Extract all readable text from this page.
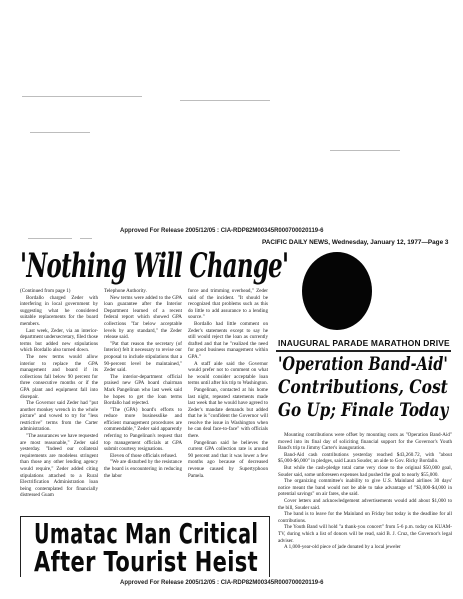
Approved For Release 2005/12/05 : CIA-RDP82M00345R000700020119-6
PACIFIC DAILY NEWS, Wednesday, January 12, 1977—Page 3
'Nothing Will Change'

(Continued from page 1)

Bordallo charged Zeder with interfering in local government by suggesting what he considered suitable replacements for the board members.

Last week, Zeder, via an interior-department undersecretary, filed those terms but added new stipulations which Bordallo also turned down.

The new terms would allow interior to replace the GPA management and board if its collections fall below 90 percent for three consecutive months or if the GPA plant and equipment fall into disrepair.

The Governor said Zeder had "put another monkey wrench in the whole picture" and vowed to try for "less restrictive" terms from the Carter administration.

"The assurances we have requested are most reasonable," Zeder said yesterday. "Indeed our collateral requirements are modeless stringent than those any other lending agency would require," Zeder added citing stipulations attached to a Rural Electrification Administration loan being contemplated for financially distressed Guam

Telephone Authority.

New terms were added to the GPA loan guarantee after the Interior Department learned of a recent federal report which showed GPA collections "far below acceptable levels by any standard," the Zeder release said.

"Pat that reason the secretary (of Interior) felt it necessary to revise our proposal to include stipulations that a 90-percent level be maintained," Zeder said.

The interior-department official praised new GPA board chairman Mark Pangelinan who last week said he hopes to get the loan terms Bordallo had rejected.

"The (GPA) board's efforts to reduce more businesslike and efficient management procedures are commendable," Zeder said apparently referring to Pangelinan's request that top management officials at GPA submit courtesy resignations.

Eleven of those officials refused.

"We are disturbed by the resistance the board is encountering in reducing the labor

force and trimming overhead," Zeder said of the incident. "It should be recognized that problems such as this do little to add assurance to a lending source."

Bordallo had little comment on Zeder's statements except to say he still would reject the loan as currently drafted and that he "realized the need for good business management within GPA."

A staff aide said the Governor would prefer not to comment on what he would consider acceptable loan terms until after his trip to Washington.

Pangelinan, contacted at his home last night, repeated statements made last week that he would have agreed to Zeder's mandate demands but added that he is "confident the Governor will resolve the issue in Washington when he can deal face-to-face" with officials there.

Pangelinan said he believes the current GPA collection rate is around 90 percent and that it was lower a few months ago because of decreased revenue caused by Supertyphoon Pamela.

INAUGURAL PARADE MARATHON DRIVE
'Operation Band-Aid'
Contributions, Cost
Go Up; Finale Today

Mounting contributions were offset by mounting costs as "Operation Band-Aid" moved into its final day of soliciting financial support for the Governor's Youth Band's trip to Jimmy Carter's inauguration.

Band-Aid cash contributions yesterday reached $43,260.72, with "about $5,000-$6,000" in pledges, said Laura Souder, an aide to Gov. Ricky Bordallo.

But while the cash-pledge total came very close to the original $50,000 goal, Souder said, some unforeseen expenses had pushed the goal to nearly $55,000.

The organizing committee's inability to give U.S. Mainland airlines 30 days' notice meant the band would not be able to take advantage of "$3,000-$4,000 in potential savings" on air fares, she said.

Cover letters and acknowledgement advertisements would add about $1,000 to the bill, Souder said.

The band is to leave for the Mainland on Friday but today is the deadline for all contributions.

The Youth Band will hold "a thank-you concert" from 5-6 p.m. today on KUAM-TV, during which a list of donors will be read, said B. J. Cruz, the Governor's legal adviser.

A 1,000-year-old piece of jade donated by a local jeweler

Umatac Man Critical
After Tourist Heist
Approved For Release 2005/12/05 : CIA-RDP82M00345R000700020119-6
